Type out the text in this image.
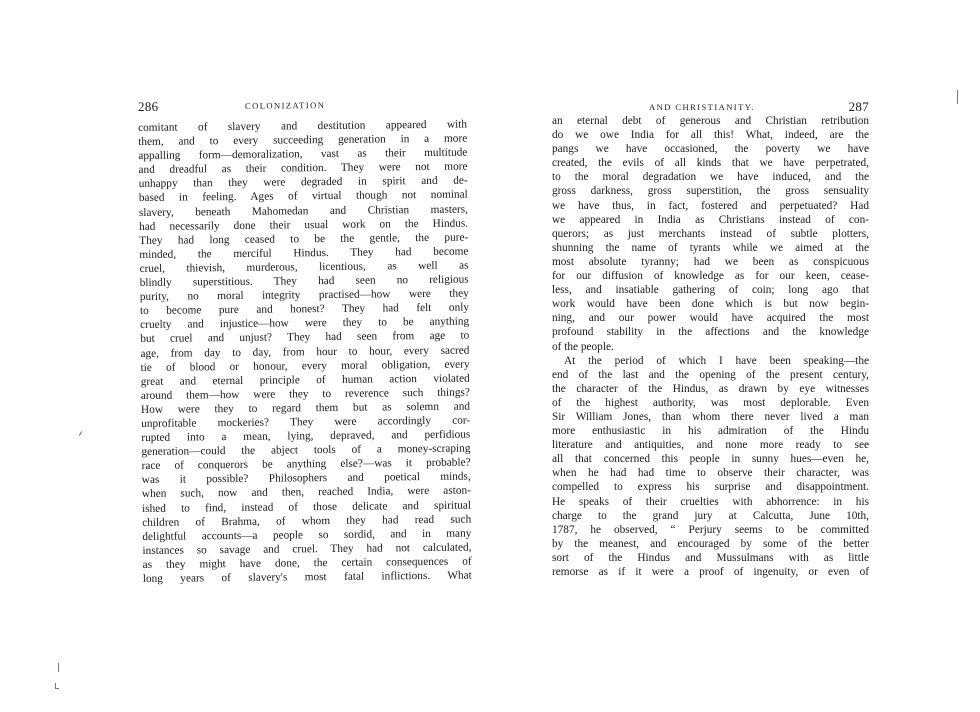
286	COLONIZATION
comitant of slavery and destitution appeared with
them, and to every succeeding generation in a more
appalling form—demoralization, vast as their multitude
and dreadful as their condition. They were not more
unhappy than they were degraded in spirit and de-
based in feeling. Ages of virtual though not nominal
slavery, beneath Mahomedan and Christian masters,
had necessarily done their usual work on the Hindus.
They had long ceased to be the gentle, the pure-
minded, the merciful Hindus. They had become
cruel, thievish, murderous, licentious, as well as
blindly superstitious. They had seen no religious
purity, no moral integrity practised—how were they
to become pure and honest? They had felt only
cruelty and injustice—how were they to be anything
but cruel and unjust? They had seen from age to
age, from day to day, from hour to hour, every sacred
tie of blood or honour, every moral obligation, every
great and eternal principle of human action violated
around them—how were they to reverence such things?
How were they to regard them but as solemn and
unprofitable mockeries? They were accordingly cor-
rupted into a mean, lying, depraved, and perfidious
generation—could the abject tools of a money-scraping
race of conquerors be anything else?—was it probable?
was it possible? Philosophers and poetical minds,
when such, now and then, reached India, were aston-
ished to find, instead of those delicate and spiritual
children of Brahma, of whom they had read such
delightful accounts—a people so sordid, and in many
instances so savage and cruel. They had not calculated,
as they might have done, the certain consequences of
long years of slavery's most fatal inflictions. What
AND CHRISTIANITY.	287
an eternal debt of generous and Christian retribution
do we owe India for all this! What, indeed, are the
pangs we have occasioned, the poverty we have
created, the evils of all kinds that we have perpetrated,
to the moral degradation we have induced, and the
gross darkness, gross superstition, the gross sensuality
we have thus, in fact, fostered and perpetuated? Had
we appeared in India as Christians instead of con-
querors; as just merchants instead of subtle plotters,
shunning the name of tyrants while we aimed at the
most absolute tyranny; had we been as conspicuous
for our diffusion of knowledge as for our keen, cease-
less, and insatiable gathering of coin; long ago that
work would have been done which is but now begin-
ning, and our power would have acquired the most
profound stability in the affections and the knowledge
of the people.
At the period of which I have been speaking—the
end of the last and the opening of the present century,
the character of the Hindus, as drawn by eye witnesses
of the highest authority, was most deplorable. Even
Sir William Jones, than whom there never lived a man
more enthusiastic in his admiration of the Hindu
literature and antiquities, and none more ready to see
all that concerned this people in sunny hues—even he,
when he had had time to observe their character, was
compelled to express his surprise and disappointment.
He speaks of their cruelties with abhorrence: in his
charge to the grand jury at Calcutta, June 10th,
1787, he observed, “ Perjury seems to be committed
by the meanest, and encouraged by some of the better
sort of the Hindus and Mussulmans with as little
remorse as if it were a proof of ingenuity, or even of
